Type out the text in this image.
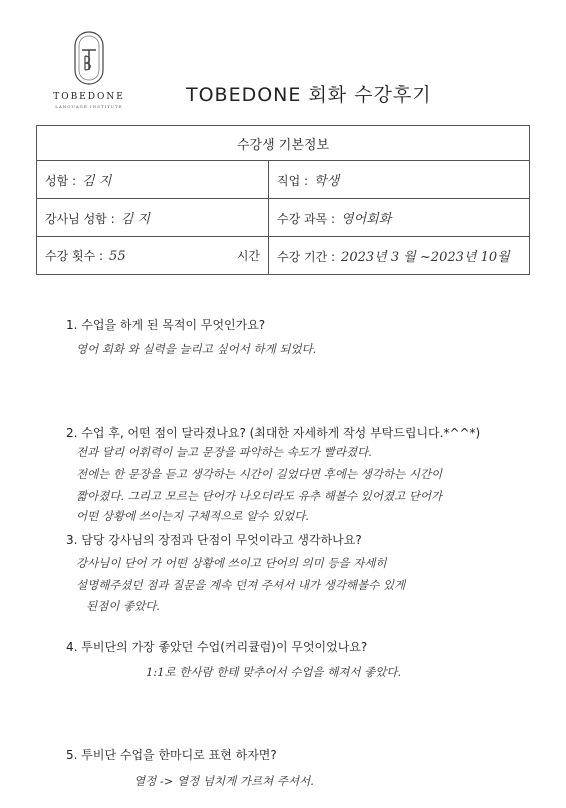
TOBEDONE
LANGUAGE INSTITUTE
TOBEDONE 회화 수강후기
수강생 기본정보	
성함 : 김 지	직업 : 학생
강사님 성함 : 김 지	수강 과목 : 영어회화

수강 횟수 : 55 시간	수강 기간 : 2023년 3 월 ~2023년 10월
1. 수업을 하게 된 목적이 무엇인가요?
영어 회화 와 실력을 늘리고 싶어서 하게 되었다.
2. 수업 후, 어떤 점이 달라졌나요? (최대한 자세하게 작성 부탁드립니다.*^^*)
전과 달리 어휘력이 늘고 문장을 파악하는 속도가 빨라졌다.
전에는 한 문장을 듣고 생각하는 시간이 길었다면 후에는 생각하는 시간이
짧아졌다. 그리고 모르는 단어가 나오더라도 유추 해볼수 있어졌고 단어가
어떤 상황에 쓰이는지 구체적으로 알수 있었다.
3. 담당 강사님의 장점과 단점이 무엇이라고 생각하나요?
강사님이 단어 가 어떤 상황에 쓰이고 단어의 의미 등을 자세히
설명해주셨던 점과 질문을 계속 던져 주셔서 내가 생각해볼수 있게
된점이 좋았다.
4. 투비단의 가장 좋았던 수업(커리큘럼)이 무엇이었나요?
1:1로 한사람 한테 맞추어서 수업을 해져서 좋았다.
5. 투비단 수업을 한마디로 표현 하자면?
열정 -> 열정 넘치게 가르쳐 주셔서.
